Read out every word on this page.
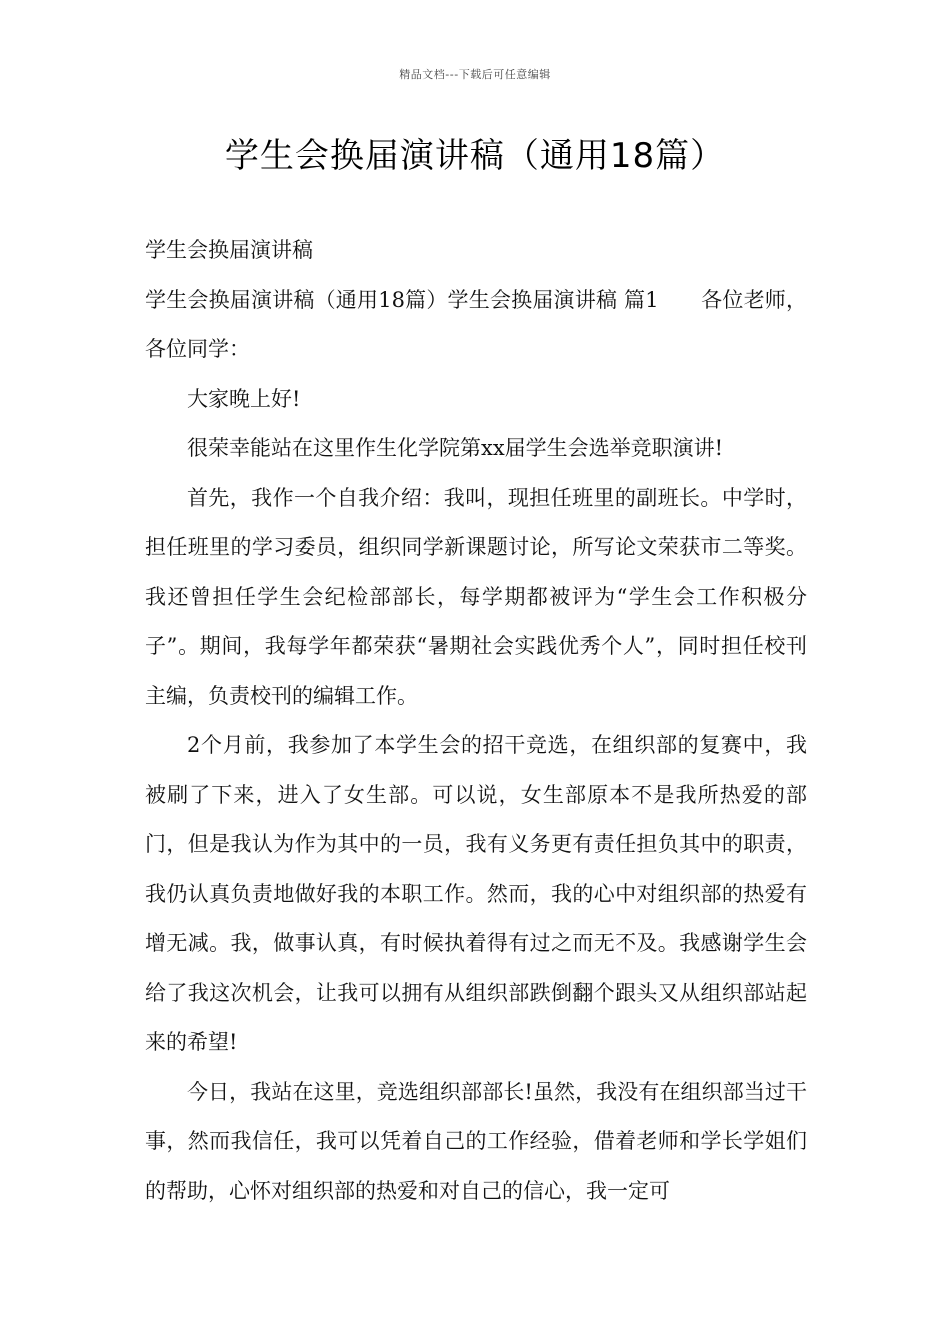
精品文档---下载后可任意编辑
学生会换届演讲稿（通用18篇）

学生会换届演讲稿

学生会换届演讲稿（通用18篇）学生会换届演讲稿 篇1　　各位老师，各位同学：

大家晚上好!

很荣幸能站在这里作生化学院第xx届学生会选举竞职演讲!

首先，我作一个自我介绍：我叫，现担任班里的副班长。中学时，担任班里的学习委员，组织同学新课题讨论，所写论文荣获市二等奖。我还曾担任学生会纪检部部长，每学期都被评为“学生会工作积极分子”。期间，我每学年都荣获“暑期社会实践优秀个人”，同时担任校刊主编，负责校刊的编辑工作。

2个月前，我参加了本学生会的招干竞选，在组织部的复赛中，我被刷了下来，进入了女生部。可以说，女生部原本不是我所热爱的部门，但是我认为作为其中的一员，我有义务更有责任担负其中的职责，我仍认真负责地做好我的本职工作。然而，我的心中对组织部的热爱有增无减。我，做事认真，有时候执着得有过之而无不及。我感谢学生会给了我这次机会，让我可以拥有从组织部跌倒翻个跟头又从组织部站起来的希望!

今日，我站在这里，竞选组织部部长!虽然，我没有在组织部当过干事，然而我信任，我可以凭着自己的工作经验，借着老师和学长学姐们的帮助，心怀对组织部的热爱和对自己的信心，我一定可
